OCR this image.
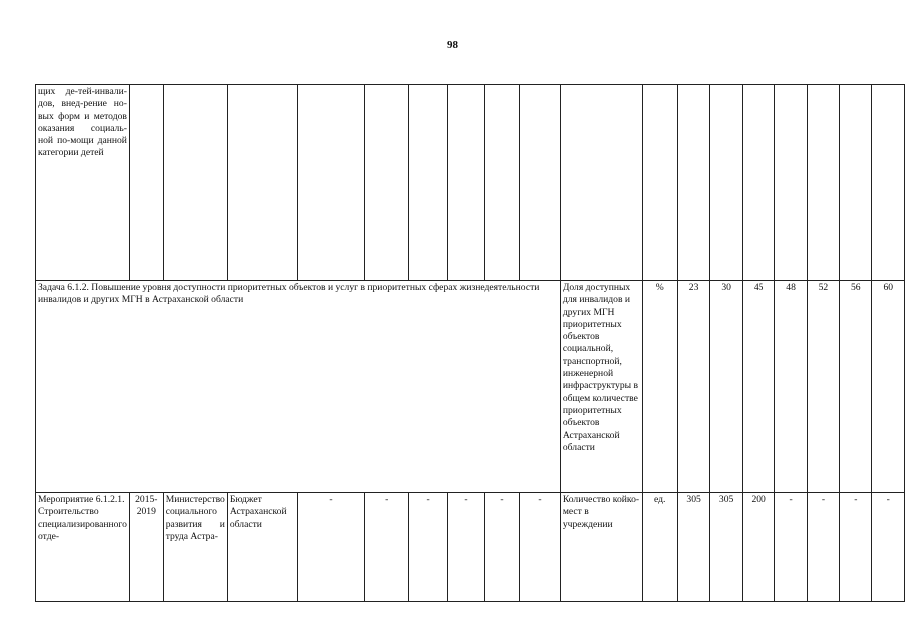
98
щих де-тей-инвали-дов, внед-рение но-вых форм и методов оказания социаль-ной по-мощи данной категории детей																		
Задача 6.1.2. Повышение уровня доступности приоритетных объектов и услуг в приоритетных сферах жизнедеятельности инвалидов и других МГН в Астраханской области										Доля доступных для инвалидов и других МГН приоритетных объектов социальной, транспортной, инженерной инфраструктуры в общем количестве приоритетных объектов Астраханской области	%	23	30	45	48	52	56	60
Мероприятие 6.1.2.1. Строительство специализированного отде-	2015-2019	Министерство социального развития и труда Астра-	Бюджет Астраханской области	-	-	-	-	-	-	Количество койко-мест в учреждении	ед.	305	305	200	-	-	-	-
